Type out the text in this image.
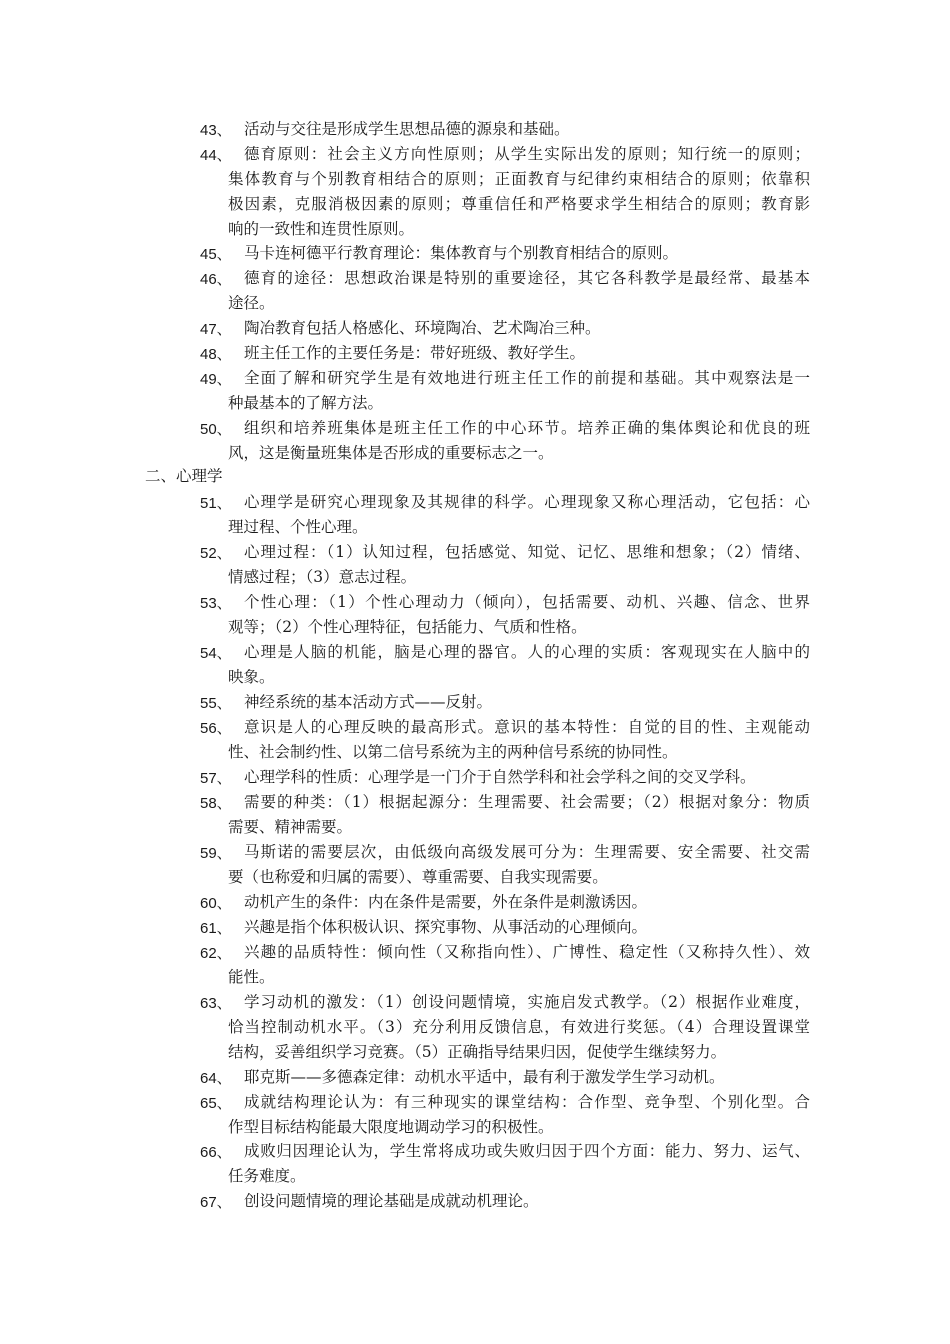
二、心理学
43、 活动与交往是形成学生思想品德的源泉和基础。
44、 德育原则：社会主义方向性原则；从学生实际出发的原则；知行统一的原则；
集体教育与个别教育相结合的原则；正面教育与纪律约束相结合的原则；依靠积
极因素，克服消极因素的原则；尊重信任和严格要求学生相结合的原则；教育影
响的一致性和连贯性原则。
45、 马卡连柯德平行教育理论：集体教育与个别教育相结合的原则。
46、 德育的途径：思想政治课是特别的重要途径，其它各科教学是最经常、最基本
途径。
47、 陶冶教育包括人格感化、环境陶冶、艺术陶冶三种。
48、 班主任工作的主要任务是：带好班级、教好学生。
49、 全面了解和研究学生是有效地进行班主任工作的前提和基础。其中观察法是一
种最基本的了解方法。
50、 组织和培养班集体是班主任工作的中心环节。培养正确的集体舆论和优良的班
风，这是衡量班集体是否形成的重要标志之一。
51、 心理学是研究心理现象及其规律的科学。心理现象又称心理活动，它包括：心
理过程、个性心理。
52、 心理过程：（1）认知过程，包括感觉、知觉、记忆、思维和想象；（2）情绪、
情感过程；（3）意志过程。
53、 个性心理：（1）个性心理动力（倾向），包括需要、动机、兴趣、信念、世界
观等；（2）个性心理特征，包括能力、气质和性格。
54、 心理是人脑的机能，脑是心理的器官。人的心理的实质：客观现实在人脑中的
映象。
55、 神经系统的基本活动方式——反射。
56、 意识是人的心理反映的最高形式。意识的基本特性：自觉的目的性、主观能动
性、社会制约性、以第二信号系统为主的两种信号系统的协同性。
57、 心理学科的性质：心理学是一门介于自然学科和社会学科之间的交叉学科。
58、 需要的种类：（1）根据起源分：生理需要、社会需要；（2）根据对象分：物质
需要、精神需要。
59、 马斯诺的需要层次，由低级向高级发展可分为：生理需要、安全需要、社交需
要（也称爱和归属的需要）、尊重需要、自我实现需要。
60、 动机产生的条件：内在条件是需要，外在条件是刺激诱因。
61、 兴趣是指个体积极认识、探究事物、从事活动的心理倾向。
62、 兴趣的品质特性：倾向性（又称指向性）、广博性、稳定性（又称持久性）、效
能性。
63、 学习动机的激发：（1）创设问题情境，实施启发式教学。（2）根据作业难度，
恰当控制动机水平。（3）充分利用反馈信息，有效进行奖惩。（4）合理设置课堂
结构，妥善组织学习竞赛。（5）正确指导结果归因，促使学生继续努力。
64、 耶克斯——多德森定律：动机水平适中，最有利于激发学生学习动机。
65、 成就结构理论认为：有三种现实的课堂结构：合作型、竞争型、个别化型。合
作型目标结构能最大限度地调动学习的积极性。
66、 成败归因理论认为，学生常将成功或失败归因于四个方面：能力、努力、运气、
任务难度。
67、 创设问题情境的理论基础是成就动机理论。
